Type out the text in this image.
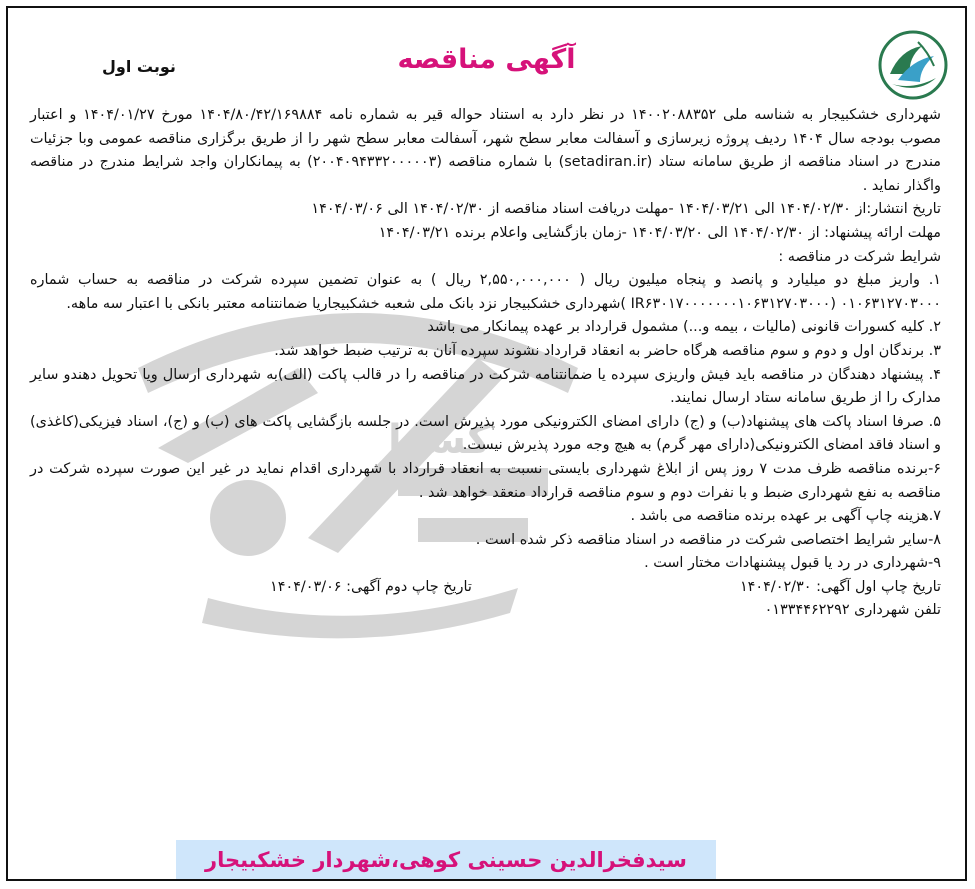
کسرا
آگهی مناقصه
نوبت اول

شهرداری خشکبیجار به شناسه ملی ۱۴۰۰۲۰۸۸۳۵۲ در نظر دارد به استناد حواله قیر به شماره نامه ۱۴۰۴/۸۰/۴۲/۱۶۹۸۸۴ مورخ ۱۴۰۴/۰۱/۲۷ و اعتبار مصوب بودجه سال ۱۴۰۴ ردیف پروژه زیرسازی و آسفالت معابر سطح شهر، آسفالت معابر سطح شهر را از طریق برگزاری مناقصه عمومی وبا جزئیات مندرج در اسناد مناقصه از طریق سامانه ستاد (setadiran.ir) با شماره مناقصه (۲۰۰۴۰۹۴۳۳۲۰۰۰۰۰۳) به پیمانکاران واجد شرایط مندرج در مناقصه واگذار نماید .

تاریخ انتشار:از ۱۴۰۴/۰۲/۳۰ الی ۱۴۰۴/۰۳/۲۱ -مهلت دریافت اسناد مناقصه از ۱۴۰۴/۰۲/۳۰ الی ۱۴۰۴/۰۳/۰۶

مهلت ارائه پیشنهاد: از ۱۴۰۴/۰۲/۳۰ الی ۱۴۰۴/۰۳/۲۰ -زمان بازگشایی واعلام برنده ۱۴۰۴/۰۳/۲۱

شرایط شرکت در مناقصه :

۱. واریز مبلغ دو میلیارد و پانصد و پنجاه میلیون ریال ( ۲,۵۵۰,۰۰۰,۰۰۰ ریال ) به عنوان تضمین سپرده شرکت در مناقصه به حساب شماره ۰۱۰۶۳۱۲۷۰۳۰۰۰ (IR۶۳۰۱۷۰۰۰۰۰۰۰۱۰۶۳۱۲۷۰۳۰۰۰ )شهرداری خشکبیجار نزد بانک ملی شعبه خشکبیجاریا ضمانتنامه معتبر بانکی با اعتبار سه ماهه.

۲. کلیه کسورات قانونی (مالیات ، بیمه و...) مشمول قرارداد بر عهده پیمانکار می باشد

۳. برندگان اول و دوم و سوم مناقصه هرگاه حاضر به انعقاد قرارداد نشوند سپرده آنان به ترتیب ضبط خواهد شد.

۴. پیشنهاد دهندگان در مناقصه باید فیش واریزی سپرده یا ضمانتنامه شرکت در مناقصه را در قالب پاکت (الف)به شهرداری ارسال ویا تحویل دهندو سایر مدارک را از طریق سامانه ستاد ارسال نمایند.

۵. صرفا اسناد پاکت های پیشنهاد(ب) و (ج) دارای امضای الکترونیکی مورد پذیرش است. در جلسه بازگشایی پاکت های (ب) و (ج)، اسناد فیزیکی(کاغذی) و اسناد فاقد امضای الکترونیکی(دارای مهر گرم) به هیچ وجه مورد پذیرش نیست.

۶-برنده مناقصه ظرف مدت ۷ روز پس از ابلاغ شهرداری بایستی نسبت به انعقاد قرارداد با شهرداری اقدام نماید در غیر این صورت سپرده شرکت در مناقصه به نفع شهرداری ضبط و با نفرات دوم و سوم مناقصه قرارداد منعقد خواهد شد .

۷.هزینه چاپ آگهی بر عهده برنده مناقصه می باشد .

۸-سایر شرایط اختصاصی شرکت در مناقصه در اسناد مناقصه ذکر شده است .

۹-شهرداری در رد یا قبول پیشنهادات مختار است .

تاریخ چاپ اول آگهی: ۱۴۰۴/۰۲/۳۰
تاریخ چاپ دوم آگهی: ۱۴۰۴/۰۳/۰۶

تلفن شهرداری ۰۱۳۳۴۴۶۲۲۹۲

سیدفخرالدین حسینی کوهی،شهردار خشکبیجار
